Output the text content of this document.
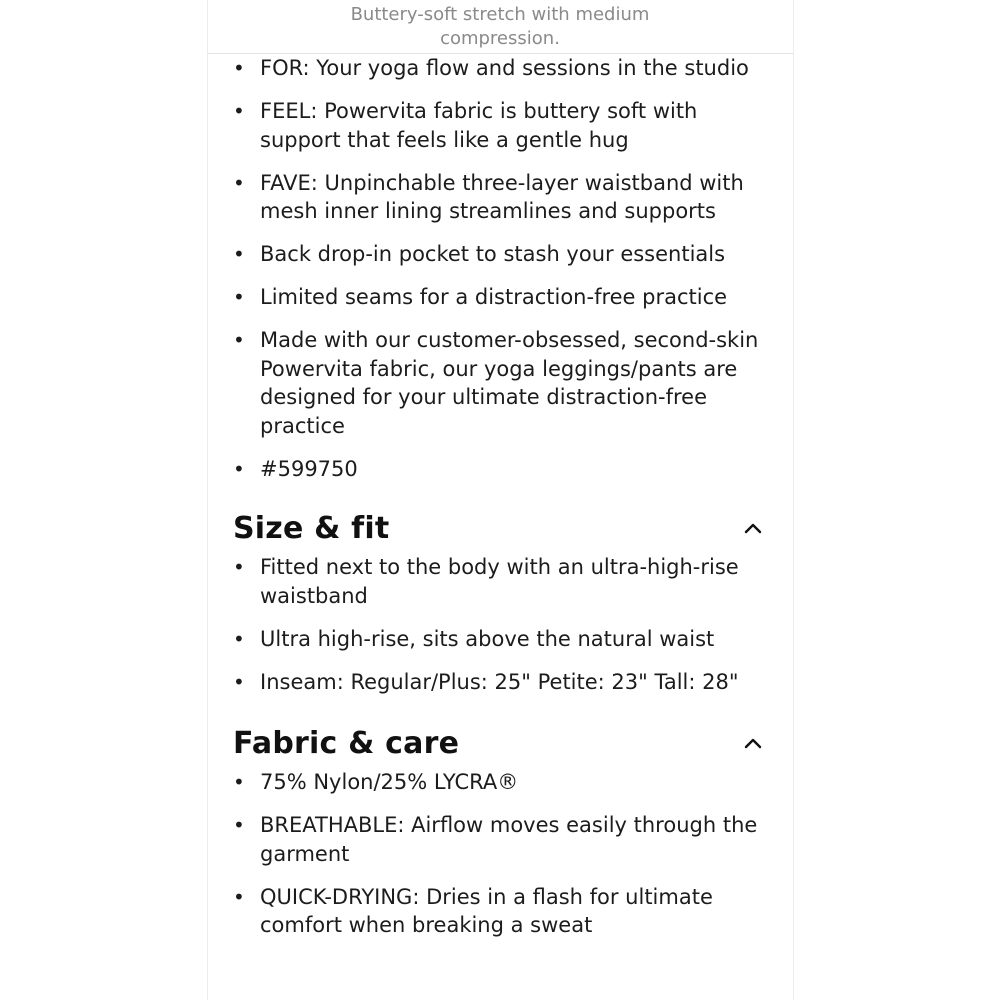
Buttery-soft stretch with medium compression.
• FOR: Your yoga flow and sessions in the studio
• FEEL: Powervita fabric is buttery soft with support that feels like a gentle hug
• FAVE: Unpinchable three-layer waistband with mesh inner lining streamlines and supports
• Back drop-in pocket to stash your essentials
• Limited seams for a distraction-free practice
• Made with our customer-obsessed, second-skin Powervita fabric, our yoga leggings/pants are designed for your ultimate distraction-free practice
• #599750
Size & fit
• Fitted next to the body with an ultra-high-rise waistband
• Ultra high-rise, sits above the natural waist
• Inseam: Regular/Plus: 25" Petite: 23" Tall: 28"
Fabric & care
• 75% Nylon/25% LYCRA®
• BREATHABLE: Airflow moves easily through the garment
• QUICK-DRYING: Dries in a flash for ultimate comfort when breaking a sweat
